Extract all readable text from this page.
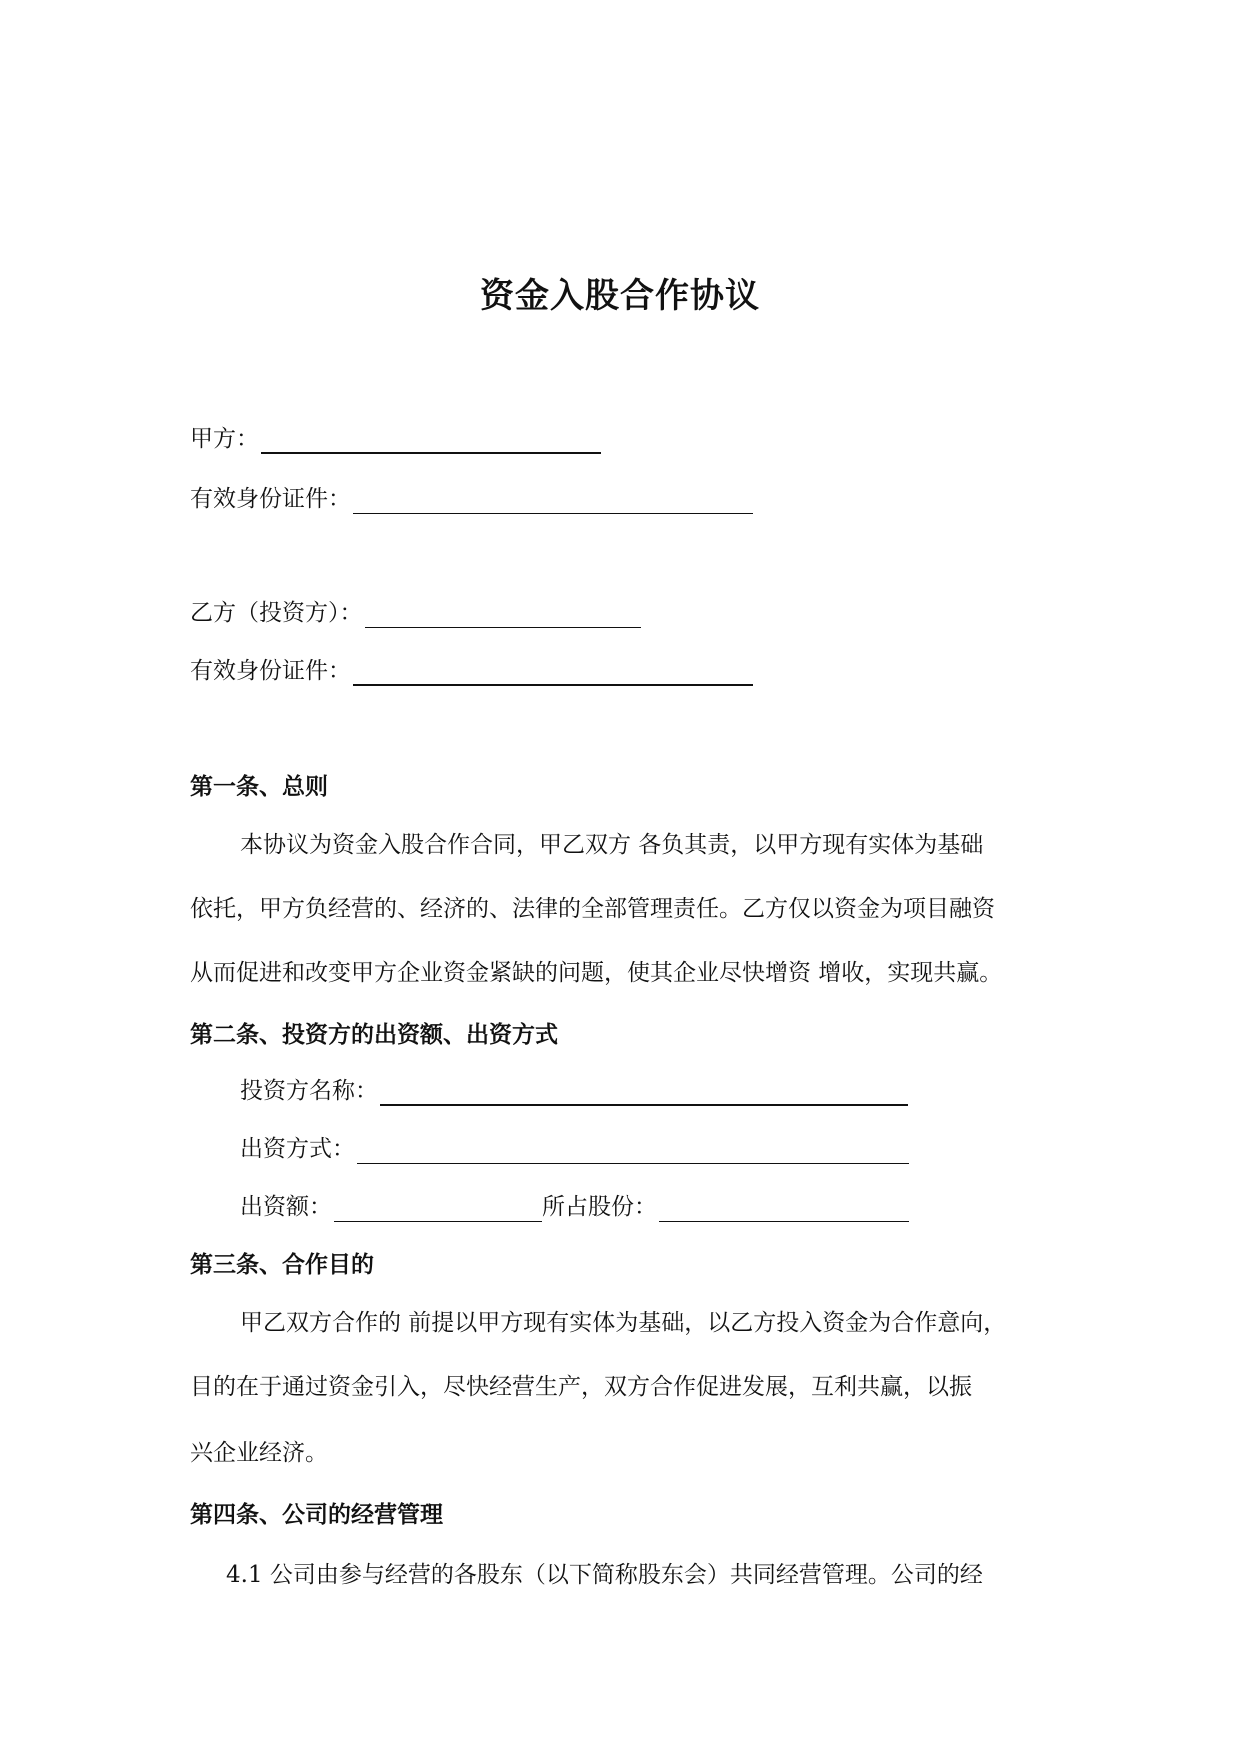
资金入股合作协议
甲方：
有效身份证件：
乙方（投资方）：
有效身份证件：
第一条、总则
本协议为资金入股合作合同，甲乙双方 各负其责，以甲方现有实体为基础
依托，甲方负经营的、经济的、法律的全部管理责任。乙方仅以资金为项目融资
从而促进和改变甲方企业资金紧缺的问题，使其企业尽快增资 增收，实现共赢。
第二条、投资方的出资额、出资方式
投资方名称：
出资方式：
出资额：	所占股份：
第三条、合作目的
甲乙双方合作的 前提以甲方现有实体为基础，以乙方投入资金为合作意向，
目的在于通过资金引入，尽快经营生产，双方合作促进发展，互利共赢，以振
兴企业经济。
第四条、公司的经营管理
4.1 公司由参与经营的各股东（以下简称股东会）共同经营管理。公司的经
